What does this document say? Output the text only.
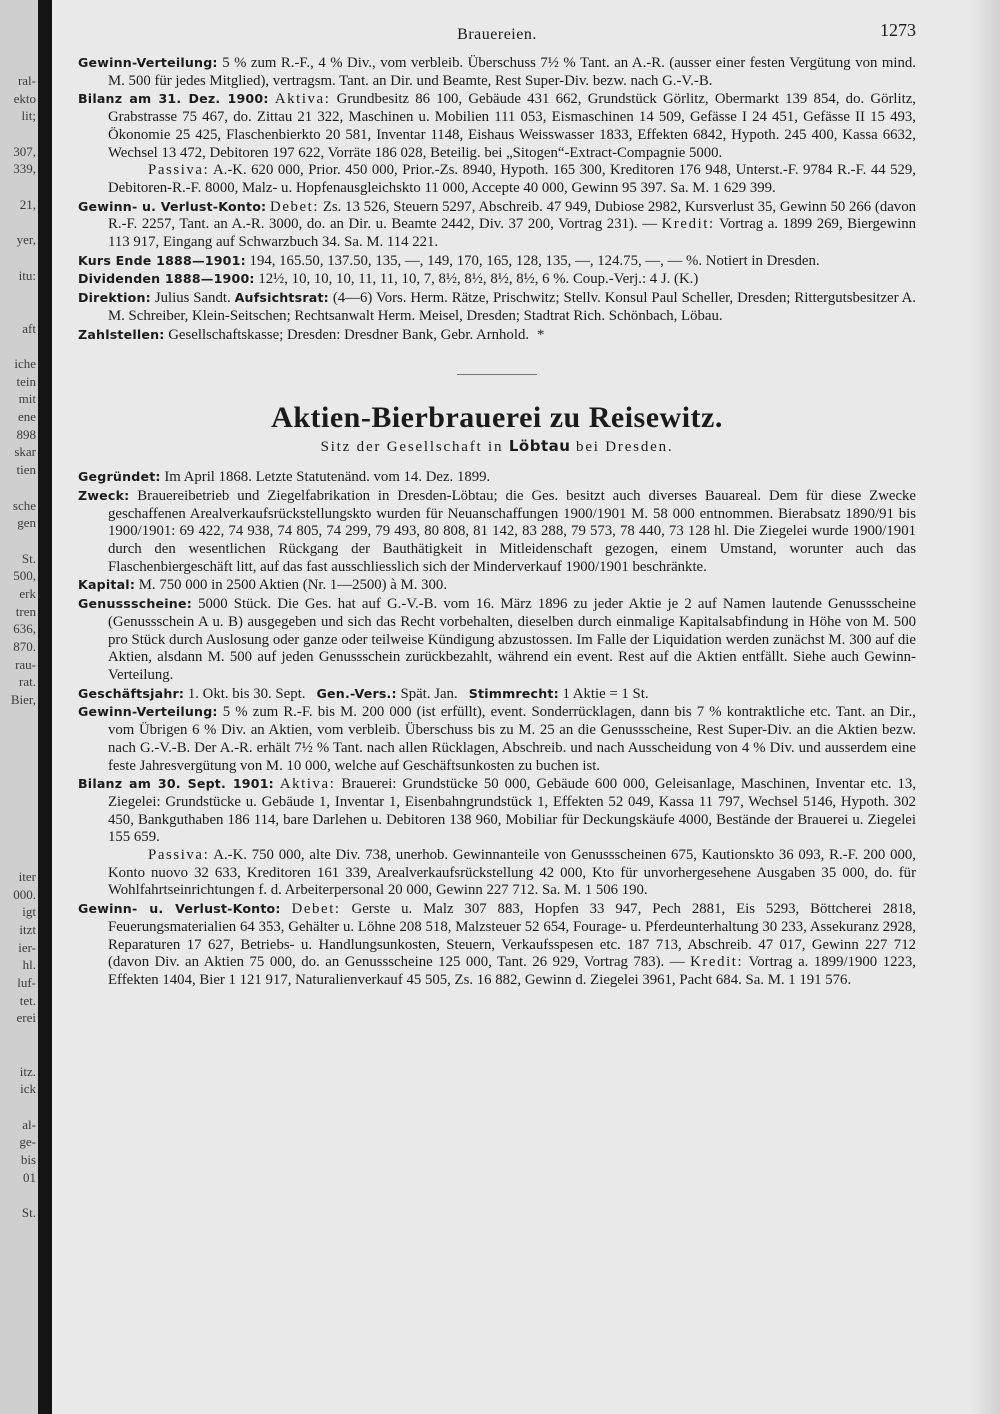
ral-
ekto
lit;
307,
339,
21,
yer,
itu:
aft
iche
tein
mit
ene
898
skar
tien
sche
gen
St.
500,
erk
tren
636,
870.
rau-
rat.
Bier,
iter
000.
igt
itzt
ier-
hl.
luf-
tet.
erei
itz.
ick
al-
ge-
bis
01
St.
Brauereien.	1273

Gewinn-Verteilung: 5 % zum R.-F., 4 % Div., vom verbleib. Überschuss 7½ % Tant. an A.-R. (ausser einer festen Vergütung von mind. M. 500 für jedes Mitglied), vertragsm. Tant. an Dir. und Beamte, Rest Super-Div. bezw. nach G.-V.-B.

Bilanz am 31. Dez. 1900: Aktiva: Grundbesitz 86 100, Gebäude 431 662, Grundstück Görlitz, Obermarkt 139 854, do. Görlitz, Grabstrasse 75 467, do. Zittau 21 322, Maschinen u. Mobilien 111 053, Eismaschinen 14 509, Gefässe I 24 451, Gefässe II 15 493, Ökonomie 25 425, Flaschenbierkto 20 581, Inventar 1148, Eishaus Weisswasser 1833, Effekten 6842, Hypoth. 245 400, Kassa 6632, Wechsel 13 472, Debitoren 197 622, Vorräte 186 028, Beteilig. bei „Sitogen“-Extract-Compagnie 5000.

Passiva: A.-K. 620 000, Prior. 450 000, Prior.-Zs. 8940, Hypoth. 165 300, Kreditoren 176 948, Unterst.-F. 9784 R.-F. 44 529, Debitoren-R.-F. 8000, Malz- u. Hopfenausgleichskto 11 000, Accepte 40 000, Gewinn 95 397. Sa. M. 1 629 399.

Gewinn- u. Verlust-Konto: Debet: Zs. 13 526, Steuern 5297, Abschreib. 47 949, Dubiose 2982, Kursverlust 35, Gewinn 50 266 (davon R.-F. 2257, Tant. an A.-R. 3000, do. an Dir. u. Beamte 2442, Div. 37 200, Vortrag 231). — Kredit: Vortrag a. 1899 269, Biergewinn 113 917, Eingang auf Schwarzbuch 34. Sa. M. 114 221.

Kurs Ende 1888—1901: 194, 165.50, 137.50, 135, —, 149, 170, 165, 128, 135, —, 124.75, —, — %. Notiert in Dresden.

Dividenden 1888—1900: 12½, 10, 10, 10, 11, 11, 10, 7, 8½, 8½, 8½, 8½, 6 %. Coup.-Verj.: 4 J. (K.)

Direktion: Julius Sandt. Aufsichtsrat: (4—6) Vors. Herm. Rätze, Prischwitz; Stellv. Konsul Paul Scheller, Dresden; Rittergutsbesitzer A. M. Schreiber, Klein-Seitschen; Rechtsanwalt Herm. Meisel, Dresden; Stadtrat Rich. Schönbach, Löbau.

Zahlstellen: Gesellschaftskasse; Dresden: Dresdner Bank, Gebr. Arnhold. *

Aktien-Bierbrauerei zu Reisewitz.

Sitz der Gesellschaft in Löbtau bei Dresden.

Gegründet: Im April 1868. Letzte Statutenänd. vom 14. Dez. 1899.

Zweck: Brauereibetrieb und Ziegelfabrikation in Dresden-Löbtau; die Ges. besitzt auch diverses Bauareal. Dem für diese Zwecke geschaffenen Arealverkaufsrückstellungskto wurden für Neuanschaffungen 1900/1901 M. 58 000 entnommen. Bierabsatz 1890/91 bis 1900/1901: 69 422, 74 938, 74 805, 74 299, 79 493, 80 808, 81 142, 83 288, 79 573, 78 440, 73 128 hl. Die Ziegelei wurde 1900/1901 durch den wesentlichen Rückgang der Bauthätigkeit in Mitleidenschaft gezogen, einem Umstand, worunter auch das Flaschenbiergeschäft litt, auf das fast ausschliesslich sich der Minderverkauf 1900/1901 beschränkte.

Kapital: M. 750 000 in 2500 Aktien (Nr. 1—2500) à M. 300.

Genussscheine: 5000 Stück. Die Ges. hat auf G.-V.-B. vom 16. März 1896 zu jeder Aktie je 2 auf Namen lautende Genussscheine (Genussschein A u. B) ausgegeben und sich das Recht vorbehalten, dieselben durch einmalige Kapitalsabfindung in Höhe von M. 500 pro Stück durch Auslosung oder ganze oder teilweise Kündigung abzustossen. Im Falle der Liquidation werden zunächst M. 300 auf die Aktien, alsdann M. 500 auf jeden Genussschein zurückbezahlt, während ein event. Rest auf die Aktien entfällt. Siehe auch Gewinn-Verteilung.

Geschäftsjahr: 1. Okt. bis 30. Sept. Gen.-Vers.: Spät. Jan. Stimmrecht: 1 Aktie = 1 St.

Gewinn-Verteilung: 5 % zum R.-F. bis M. 200 000 (ist erfüllt), event. Sonderrücklagen, dann bis 7 % kontraktliche etc. Tant. an Dir., vom Übrigen 6 % Div. an Aktien, vom verbleib. Überschuss bis zu M. 25 an die Genussscheine, Rest Super-Div. an die Aktien bezw. nach G.-V.-B. Der A.-R. erhält 7½ % Tant. nach allen Rücklagen, Abschreib. und nach Ausscheidung von 4 % Div. und ausserdem eine feste Jahresvergütung von M. 10 000, welche auf Geschäftsunkosten zu buchen ist.

Bilanz am 30. Sept. 1901: Aktiva: Brauerei: Grundstücke 50 000, Gebäude 600 000, Geleisanlage, Maschinen, Inventar etc. 13, Ziegelei: Grundstücke u. Gebäude 1, Inventar 1, Eisenbahngrundstück 1, Effekten 52 049, Kassa 11 797, Wechsel 5146, Hypoth. 302 450, Bankguthaben 186 114, bare Darlehen u. Debitoren 138 960, Mobiliar für Deckungskäufe 4000, Bestände der Brauerei u. Ziegelei 155 659.

Passiva: A.-K. 750 000, alte Div. 738, unerhob. Gewinnanteile von Genussscheinen 675, Kautionskto 36 093, R.-F. 200 000, Konto nuovo 32 633, Kreditoren 161 339, Arealverkaufsrückstellung 42 000, Kto für unvorhergesehene Ausgaben 35 000, do. für Wohlfahrtseinrichtungen f. d. Arbeiterpersonal 20 000, Gewinn 227 712. Sa. M. 1 506 190.

Gewinn- u. Verlust-Konto: Debet: Gerste u. Malz 307 883, Hopfen 33 947, Pech 2881, Eis 5293, Böttcherei 2818, Feuerungsmaterialien 64 353, Gehälter u. Löhne 208 518, Malzsteuer 52 654, Fourage- u. Pferdeunterhaltung 30 233, Assekuranz 2928, Reparaturen 17 627, Betriebs- u. Handlungsunkosten, Steuern, Verkaufsspesen etc. 187 713, Abschreib. 47 017, Gewinn 227 712 (davon Div. an Aktien 75 000, do. an Genussscheine 125 000, Tant. 26 929, Vortrag 783). — Kredit: Vortrag a. 1899/1900 1223, Effekten 1404, Bier 1 121 917, Naturalienverkauf 45 505, Zs. 16 882, Gewinn d. Ziegelei 3961, Pacht 684. Sa. M. 1 191 576.
